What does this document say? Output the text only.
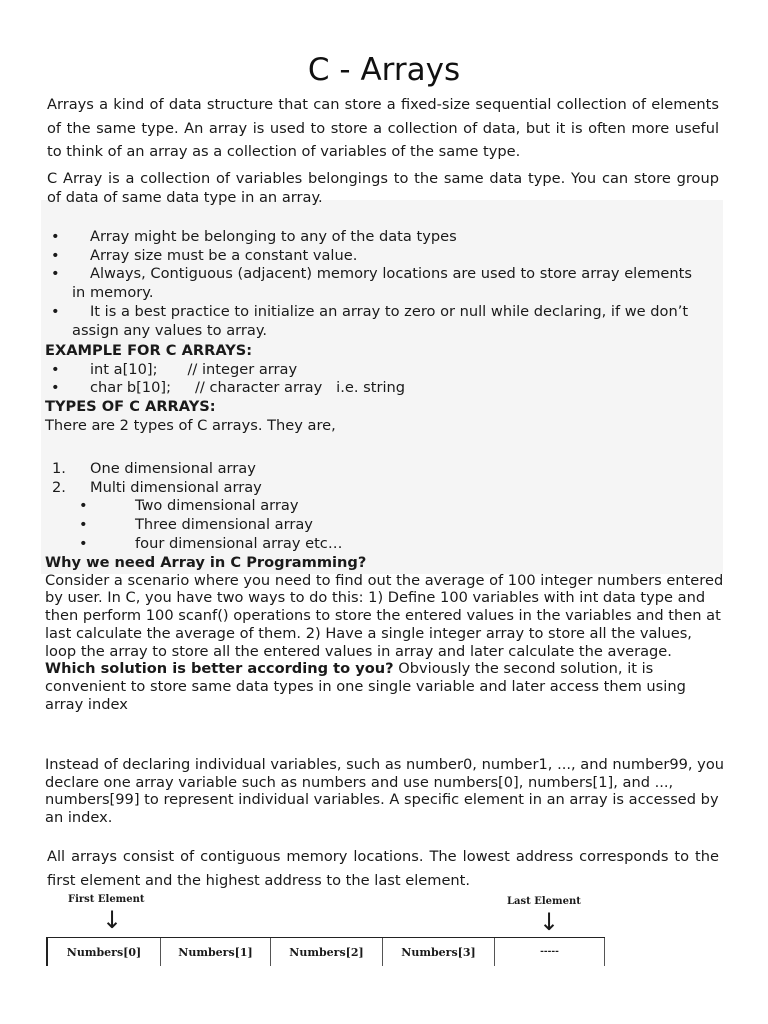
C - Arrays
Arrays a kind of data structure that can store a fixed-size sequential collection of elements of the same type. An array is used to store a collection of data, but it is often more useful to think of an array as a collection of variables of the same type.
C Array is a collection of variables belongings to the same data type. You can store group of data of same data type in an array.
•	Array might be belonging to any of the data types
•	Array size must be a constant value.
•	Always, Contiguous (adjacent) memory locations are used to store array elements
in memory.
•	It is a best practice to initialize an array to zero or null while declaring, if we don’t
assign any values to array.
EXAMPLE FOR C ARRAYS:
•	int a[10]; // integer array
•	char b[10]; // character array   i.e. string
TYPES OF C ARRAYS:
There are 2 types of C arrays. They are,
1.	One dimensional array
2.	Multi dimensional array
•	Two dimensional array
•	Three dimensional array
•	four dimensional array etc…
Why we need Array in C Programming?
Consider a scenario where you need to find out the average of 100 integer numbers entered by user. In C, you have two ways to do this: 1) Define 100 variables with int data type and then perform 100 scanf() operations to store the entered values in the variables and then at last calculate the average of them. 2) Have a single integer array to store all the values, loop the array to store all the entered values in array and later calculate the average.
Which solution is better according to you? Obviously the second solution, it is convenient to store same data types in one single variable and later access them using array index
Instead of declaring individual variables, such as number0, number1, ..., and number99, you declare one array variable such as numbers and use numbers[0], numbers[1], and ..., numbers[99] to represent individual variables. A specific element in an array is accessed by an index.
All arrays consist of contiguous memory locations. The lowest address corresponds to the first element and the highest address to the last element.
First Element
↓
Last Element
↓
Numbers[0]	Numbers[1]	Numbers[2]	Numbers[3]	-----
